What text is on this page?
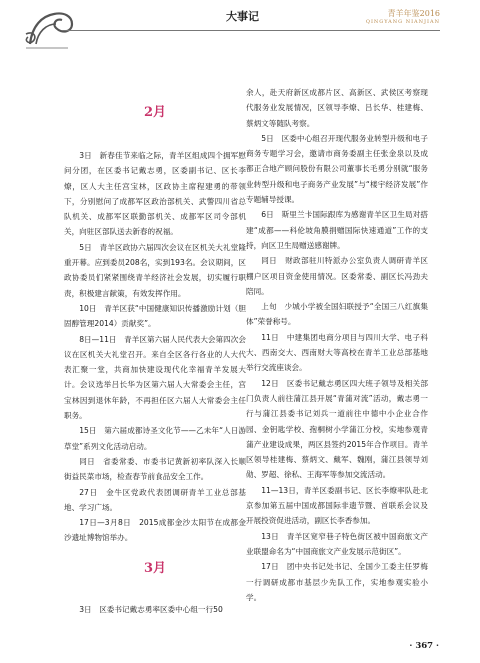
大事记	青羊年鉴2016
QINGYANG NIANJIAN
2月

3日　新春佳节来临之际，青羊区组成四个拥军慰问分团，在区委书记戴志勇，区委副书记、区长李燎，区人大主任宫宝林，区政协主席程建勇的带领下，分别慰问了成都军区政治部机关、武警四川省总队机关、成都军区联勤部机关、成都军区司令部机关，向驻区部队送去新春的祝福。

5日　青羊区政协六届四次会议在区机关大礼堂隆重开幕。应到委员208名，实到193名。会议期间，区政协委员们紧紧围绕青羊经济社会发展，切实履行职责，积极建言献策，有效发挥作用。

10日　青羊区获“中国健康知识传播激励计划（胆固醇管理2014）贡献奖”。

8日—11日　青羊区第六届人民代表大会第四次会议在区机关大礼堂召开。来自全区各行各业的人大代表汇聚一堂，共商加快建设现代化幸福青羊发展大计。会议选举吕长华为区第六届人大常委会主任，宫宝林因到退休年龄，不再担任区六届人大常委会主任职务。

15日　第六届成都诗圣文化节——乙未年“人日游草堂”系列文化活动启动。

同日　省委常委、市委书记黄新初率队深入长顺街益民菜市场，检查春节前食品安全工作。

27日　金牛区党政代表团调研青羊工业总部基地、学习广场。

17日—3月8日　2015成都金沙太阳节在成都金沙遗址博物馆举办。

3月

3日　区委书记戴志勇率区委中心组一行50

余人，赴天府新区成都片区、高新区、武侯区考察现代服务业发展情况，区领导李燎、吕长华、桂建梅、蔡炳文等随队考察。

5日　区委中心组召开现代服务业转型升级和电子商务专题学习会，邀请市商务委副主任张金泉以及成都正合地产顾问股份有限公司董事长毛勇分别就“服务业转型升级和电子商务产业发展”与“楼宇经济发展”作专题辅导授课。

6日　斯里兰卡国际跟库为感谢青羊区卫生局对搭建“成都——科伦坡角膜捐赠国际快速通道”工作的支持，向区卫生局赠送感谢牌。

同日　财政部驻川特派办公室负责人调研青羊区棚户区项目资金使用情况。区委常委、副区长冯劲夫陪同。

上旬　少城小学被全国妇联授予“全国三八红旗集体”荣誉称号。

11日　中建集团电商分项目与四川大学、电子科大、西南交大、西南财大等高校在青羊工业总部基地举行交流座谈会。

12日　区委书记戴志勇区四大班子领导及相关部门负责人前往蒲江县开展“青蒲对流”活动，戴志勇一行与蒲江县委书记刘兵一道前往中德中小企业合作园、金钥匙学校、孢桐树小学蒲江分校，实地参观青蒲产业建设成果，两区县签约2015年合作项目。青羊区领导桂建梅、蔡炳文、戴军、魏刚，蒲江县领导刘勋、罗超、徐私、王海军等参加交流活动。

11—13日，青羊区委副书记、区长李燎率队赴北京参加第五届中国成都国际非遗节暨、首联系会议及开展投资促进活动，副区长李香参加。

13日　青羊区宽窄巷子特色街区被中国商旅文产业联盟命名为“中国商旅文产业发展示范街区”。

17日　团中央书记处书记、全国少工委主任罗梅一行调研成都市基层少先队工作，实地参观实验小学。

· 367 ·
